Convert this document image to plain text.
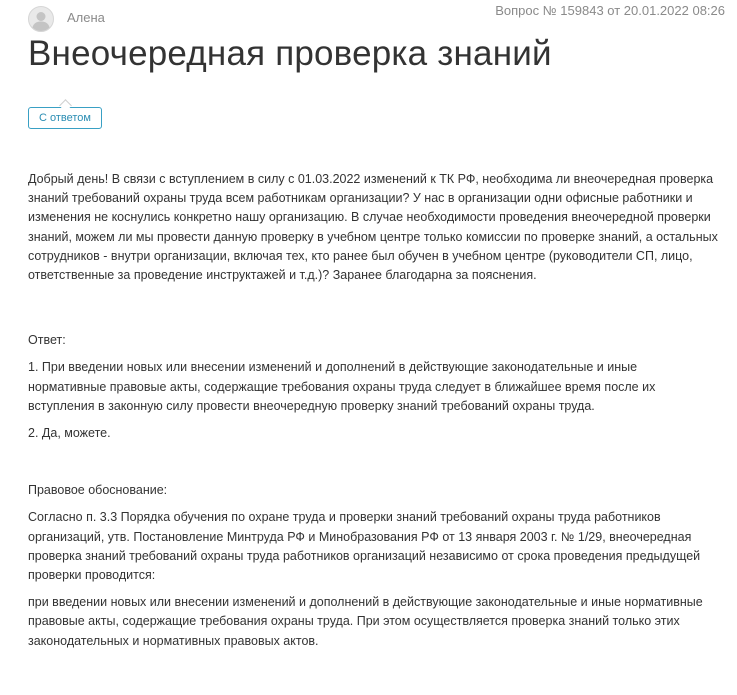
Алена	Вопрос № 159843 от 20.01.2022 08:26
Внеочередная проверка знаний
С ответом

Добрый день! В связи с вступлением в силу с 01.03.2022 изменений к ТК РФ, необходима ли внеочередная проверка знаний требований охраны труда всем работникам организации? У нас в организации одни офисные работники и изменения не коснулись конкретно нашу организацию. В случае необходимости проведения внеочередной проверки знаний, можем ли мы провести данную проверку в учебном центре только комиссии по проверке знаний, а остальных сотрудников - внутри организации, включая тех, кто ранее был обучен в учебном центре (руководители СП, лицо, ответственные за проведение инструктажей и т.д.)? Заранее благодарна за пояснения.

Ответ:

1. При введении новых или внесении изменений и дополнений в действующие законодательные и иные нормативные правовые акты, содержащие требования охраны труда следует в ближайшее время после их вступления в законную силу провести внеочередную проверку знаний требований охраны труда.

2. Да, можете.

Правовое обоснование:

Согласно п. 3.3 Порядка обучения по охране труда и проверки знаний требований охраны труда работников организаций, утв. Постановление Минтруда РФ и Минобразования РФ от 13 января 2003 г. № 1/29, внеочередная проверка знаний требований охраны труда работников организаций независимо от срока проведения предыдущей проверки проводится:

при введении новых или внесении изменений и дополнений в действующие законодательные и иные нормативные правовые акты, содержащие требования охраны труда. При этом осуществляется проверка знаний только этих законодательных и нормативных правовых актов.
